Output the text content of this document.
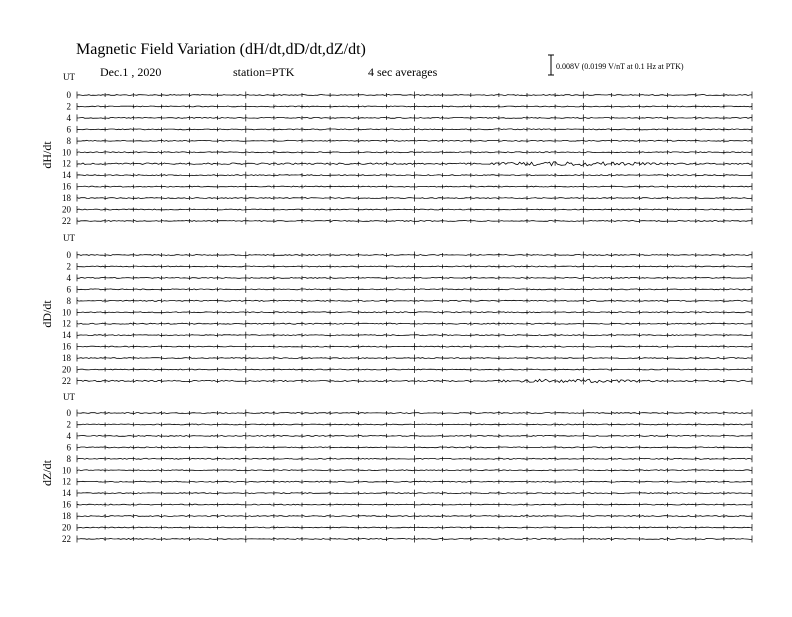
Magnetic Field Variation (dH/dt,dD/dt,dZ/dt)
Dec.1 , 2020	station=PTK	4 sec averages	0.008V (0.0199 V/nT at 0.1 Hz at PTK)
UT
dH/dt
0
2
4
6
8
10
12
14
16
18
20
22
UT
dD/dt
0
2
4
6
8
10
12
14
16
18
20
22
UT
dZ/dt
0
2
4
6
8
10
12
14
16
18
20
22
